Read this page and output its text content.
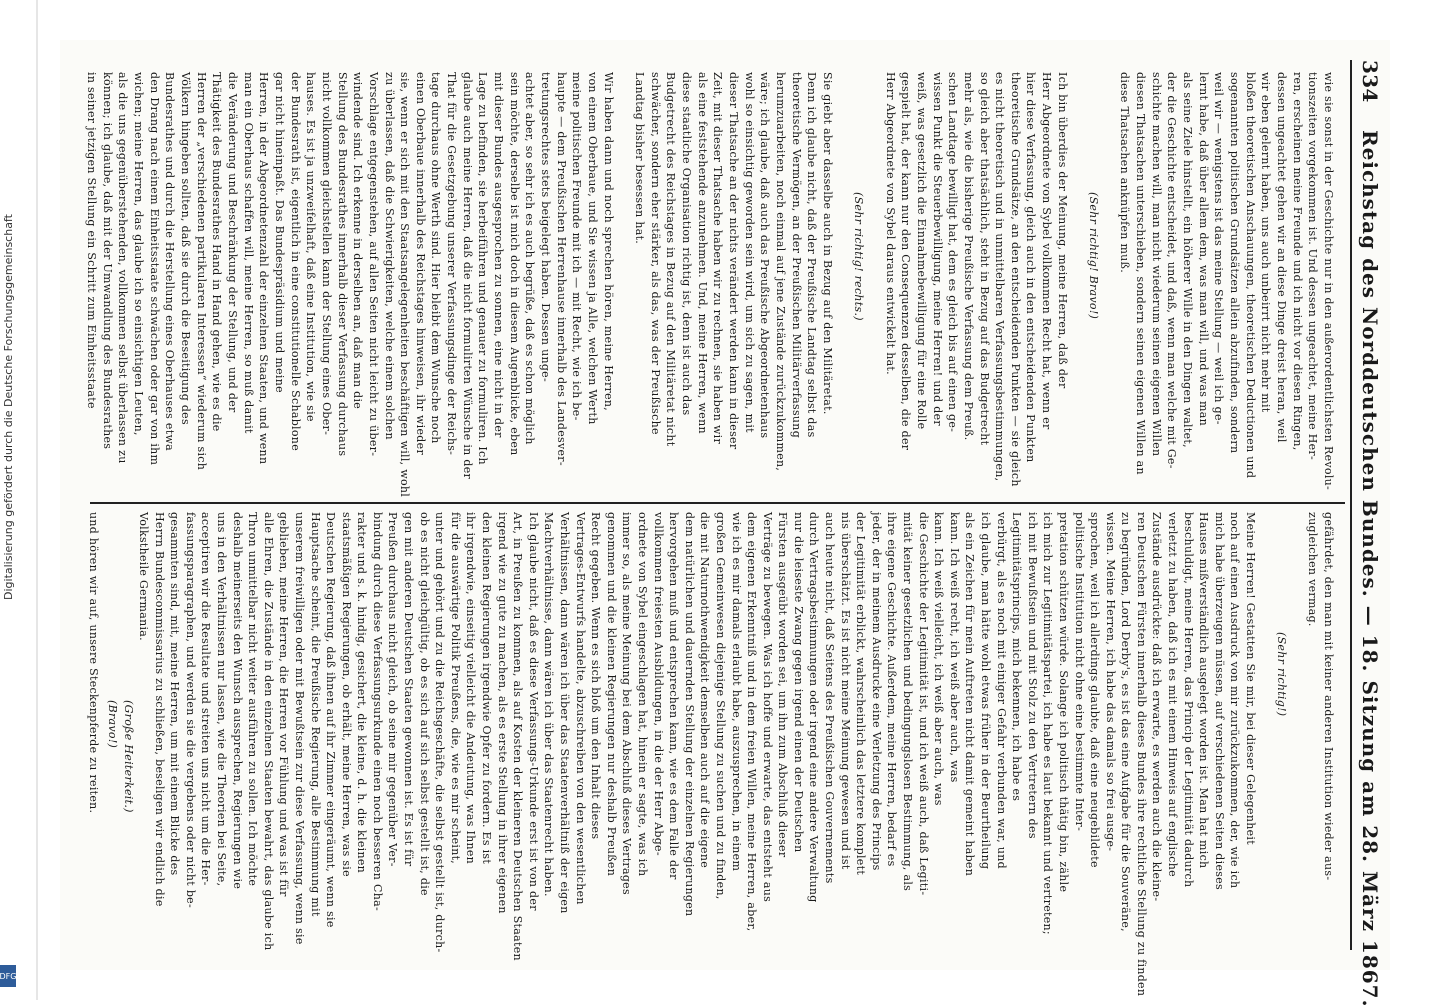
334
Reichstag des Norddeutschen Bundes. — 18. Sitzung am 28. März 1867.
wie sie sonst in der Geschichte nur in den außerordentlichsten Revolu-
tionszeiten vorgekommen ist. Und dessen ungeachtet, meine Her-
ren, erscheinen meine Freunde und ich nicht vor diesen Ringen,
dessen ungeachtet gehen wir an diese Dinge dreist heran, weil
wir eben gelernt haben, uns auch unbeirrt nicht mehr mit
bloßen theoretischen Anschauungen, theoretischen Deductionen und
sogenannten politischen Grundsätzen allein abzufinden, sondern
weil wir — wenigstens ist das meine Stellung — weil ich ge-
lernt habe, daß über allem dem, was man will, und was man
als seine Ziele hinstellt, ein höherer Wille in den Dingen waltet,
der die Geschichte entscheidet, und daß, wenn man welche mit Ge-
schichte machen will, man nicht wiederum seinen eigenen Willen
diesen Thatsachen unterschieben, sondern seinen eigenen Willen an
diese Thatsachen anknüpfen muß.
(Sehr richtig! Bravo!)
Ich bin überdies der Meinung, meine Herren, daß der
Herr Abgeordnete von Sybel vollkommen Recht hat, wenn er
hier diese Verfassung, gleich auch in den entscheidenden Punkten
theoretische Grundsätze, an den entscheidenden Punkten — sie gleich
es nicht theoretisch und in unmittelbaren Verfassungsbestimmungen,
so gleich aber thatsächlich, steht in Bezug auf das Budgetrecht
mehr als, wie die bisherige Preußische Verfassung dem Preuß.
schen Landtage bewilligt hat, dem es gleich bis auf einen ge-
wissen Punkt die Steuerbewilligung, meine Herren! und der
weiß, was gesetzlich die Einnahmebewilligung für eine Rolle
gespielt hat, der kann nur den Consequenzen desselben, die der
Herr Abgeordnete von Sybel daraus entwickelt hat.
(Sehr richtig! rechts.)
Sie giebt aber dasselbe auch in Bezug auf den Militäretat.
Denn ich glaube nicht, daß der Preußische Landtag selbst das
theoretische Vermögen, an der Preußischen Militärverfassung
herumzuarbeiten, noch einmal auf jene Zustände zurückzukommen,
wäre; ich glaube, daß auch das Preußische Abgeordnetenhaus
wohl so einsichtig geworden sein wird, um sich zu sagen, mit
dieser Thatsache an der nichts verändert werden kann in dieser
Zeit, mit dieser Thatsache haben wir zu rechnen, sie haben wir
als eine feststehende anzunehmen. Und, meine Herren, wenn
diese staatliche Organisation richtig ist, denn ist auch das
Budgetrecht des Reichstages in Bezug auf den Militäretat nicht
schwächer, sondern eher stärker, als das, was der Preußische
Landtag bisher besessen hat.
Wir haben dann und noch sprechen hören, meine Herren,
von einem Oberbaue, und Sie wissen ja Alle, welchen Werth
meine politischen Freunde mit ich — mit Recht, wie ich be-
haupte — dem Preußischen Herrenhause innerhalb des Landesver-
tretungsrechtes stets beigelegt haben. Dessen unge-
achtet aber, so sehr ich es auch begrüße, daß es schon möglich
sein möchte, derselbe ist mich doch in diesem Augenblicke, eben
mit dieser Bundes ausgesprochen zu sonnen, eine nicht in der
Lage zu befinden, sie herbeiführen und genauer zu formuliren. Ich
glaube auch meine Herren, daß die nicht formulirten Wünsche in der
That für die Gesetzgebung unserer Verfassungsdinge der Reichs-
tage durchaus ohne Werth sind. Hier bleibt dem Wunsche noch
einen Oberbaue innerhalb des Reichstages hinweisen, ihr wieder
sie, wenn er sich mit den Staatsangelegenheiten beschäftigen will, wohl
zu überlassen, daß die Schwierigkeiten, welche einem solchen
Vorschlage entgegenstehen, auf allen Seiten nicht leicht zu über-
windende sind. Ich erkenne in derselben an, daß man die
Stellung des Bundesrathes innerhalb dieser Verfassung durchaus
nicht vollkommen gleichstellen kann der Stellung eines Ober-
hauses. Es ist ja unzweifelhaft, daß eine Institution, wie sie
der Bundesrath ist, eigentlich in eine constitutionelle Schablone
gar nicht hineinpaßt. Das Bundespräsidium und meine
Herren, in der Abgeordnetenzahl der einzelnen Staaten, und wenn
man ein Oberhaus schaffen will, meine Herren, so muß damit
die Veränderung und Beschränkung der Stellung, und der
Thätigkeit des Bundesrathes Hand in Hand gehen, wie es die
Herren der „verschiedenen partikularen Interessen“ wiederum sich
Völkern hingeben sollten, daß sie durch die Beseitigung des
Bundesrathes und durch die Herstellung eines Oberhauses etwa
den Drang nach einem Einheitsstaate schwächen oder gar von ihm
wichen; meine Herren, das glaube ich so einsichtigen Leuten,
als die uns gegenüberstehenden, vollkommen selbst überlassen zu
können; ich glaube, daß mit der Umwandlung des Bundesrathes
in seiner jetzigen Stellung ein Schritt zum Einheitsstaate
gefährdet, den man mit keiner anderen Institution wieder aus-
zugleichen vermag.
(Sehr richtig!)
Meine Herren! Gestatten Sie mir, bei dieser Gelegenheit
noch auf einen Ausdruck von mir zurückzukommen, der, wie ich
mich habe überzeugen müssen, auf verschiedenen Seiten dieses
Hauses mißverständlich ausgelegt worden ist. Man hat mich
beschuldigt, meine Herren, das Princip der Legitimität dadurch
verletzt zu haben, daß ich es mit einem Hinweis auf englische
Zustände ausdrückte: daß ich erwarte, es werden auch die kleine-
ren Deutschen Fürsten innerhalb dieses Bundes ihre rechtliche Stellung zu finden
zu begründen, Lord Derby's, es ist das eine Aufgabe für die Souveräne,
wissen. Meine Herren, ich habe das damals so frei ausge-
sprochen, weil ich allerdings glaubte, daß eine neugebildete
politische Institution nicht ohne eine bestimmte Inter-
pretation schützen würde. Solange ich politisch thätig bin, zähle
ich mich zur Legitimitätspartei, ich habe es laut bekannt und vertreten;
ich mit Bewußtsein und mit Stolz zu den Vertretern des
Legitimitätsprincips, mich bekennen, ich habe es
verbürgt, als es noch mit einiger Gefahr verbunden war, und
ich glaube, man hätte wohl etwas früher in der Beurtheilung
als ein Zeichen für mein Auftreten nicht damit gemeint haben
kann. Ich weiß recht, ich weiß aber auch, was
kann. Ich weiß vielleicht, ich weiß aber auch, was
die Geschichte der Legitimität ist, und ich weiß auch, daß Legiti-
mität keiner gesetzlichen und bedingungslosen Bestimmung, als
ihre eigene Geschichte. Außerdem, meine Herren, bedarf es
jeder, der in meinem Ausdrucke eine Verletzung des Princips
der Legitimität erblickt, wahrscheinlich das letztere komplett
nis überschätzt. Es ist nicht meine Meinung gewesen und ist
auch heute nicht, daß Seitens des Preußischen Gouvernements
durch Vertragsbestimmungen oder irgend eine andere Verwaltung
nur die leiseste Zwang gegen irgend einen der Deutschen
Fürsten ausgeübt worden sei, um ihn zum Abschluß dieser
Verträge zu bewegen. Was ich hoffe und erwarte, das entsteht aus
dem eigenen Erkenntniß und in dem freien Willen, meine Herren, aber,
wie ich es mir damals erlaubt habe, auszusprechen, in einem
großen Gemeinwesen diejenige Stellung zu suchen und zu finden,
die mit Naturnothwendigkeit demselben auch auf die eigene
dem natürlichen und dauernden Stellung der einzelnen Regierungen
hervorgehen muß und entsprechen kann, wie es dem Falle der
vollkommen freiesten Ausbildungen, in die der Herr Abge-
ordnete von Sybel eingeschlagen hat, hinein er sagte, was ich
immer so, als meine Meinung bei dem Abschluß dieses Vertrages
genommen und die kleinen Regierungen nur deshalb Preußen
Recht gegeben. Wenn es sich bloß um den Inhalt dieses
Vertrages-Entwurfs handelte, abzuschreiben von den wesentlichen
Verhältnissen, dann wären ich über das Staatenverhältniß der eigen
Machtverhältnisse, dann wären ich über das Staatenrecht haben.
Ich glaube nicht, daß es diese Verfassungs-Urkunde erst ist von der
Art, in Preußen zu kommen, als auf Kosten der kleineren Deutschen Staaten
irgend wie zu gute zu machen, als es erste Stellung in ihrer eigenen
den kleinen Regierungen irgendwie Opfer zu fordern. Es ist
ihr irgendwie, einseitig vielleicht die Andeutung, was Ihnen
für die auswärtige Politik Preußens, die, wie es mir scheint,
unter und gehört und zu die Reichsgeschäfte, die selbst gestellt ist, durch-
ob es nicht gleichgültig, ob es sich auf sich selbst gestellt ist, die
gen mit anderen Deutschen Staaten gewonnen ist. Es ist für
Preußen durchaus nicht gleich, ob seine mir gegenüber Ver-
bindung durch diese Verfassungsurkunde einen noch besseren Cha-
rakter und s. k. hindig, gesichert, die kleine, d. h. die kleinen
staatsmäßigen Regierungen, ob erhält, meine Herren, was sie
Deutschen Regierung, daß ihnen auf ihr Zimmer eingeräumt, wenn sie
Hauptsache scheint, die Preußische Regierung, alle Bestimmung mit
unserem freiwilligen oder mit Bewußtsein zur diese Verfassung, wenn sie
geblieben, meine Herren, die Herren vor Fühlung und was ist für
alle Ehren, die Zustände in den einzelnen Staaten bewahrt, das glaube ich
Thron unmittelbar nicht weiter ausführen zu sollen. Ich möchte
deshalb meinerseits den Wunsch aussprechen, Regierungen wie
uns in den Verhältnissen nur lassen, wie die Theorien bei Seite,
acceptiren wir die Resultate und streiten uns nicht um die Her-
fassungsparagraphen, und werden sie die vergebens oder nicht be-
gesammten sind, mit, meine Herren, um mit einem Blicke des
Herrn Bundescommissarius zu schließen, beseligen wir endlich die
Volkstheile Germania.
(Große Heiterkeit.)
(Bravo!)
und hören wir auf, unsere Steckenpferde zu reiten.
Digitalisierung gefördert durch die Deutsche Forschungsgemeinschaft
DFG
